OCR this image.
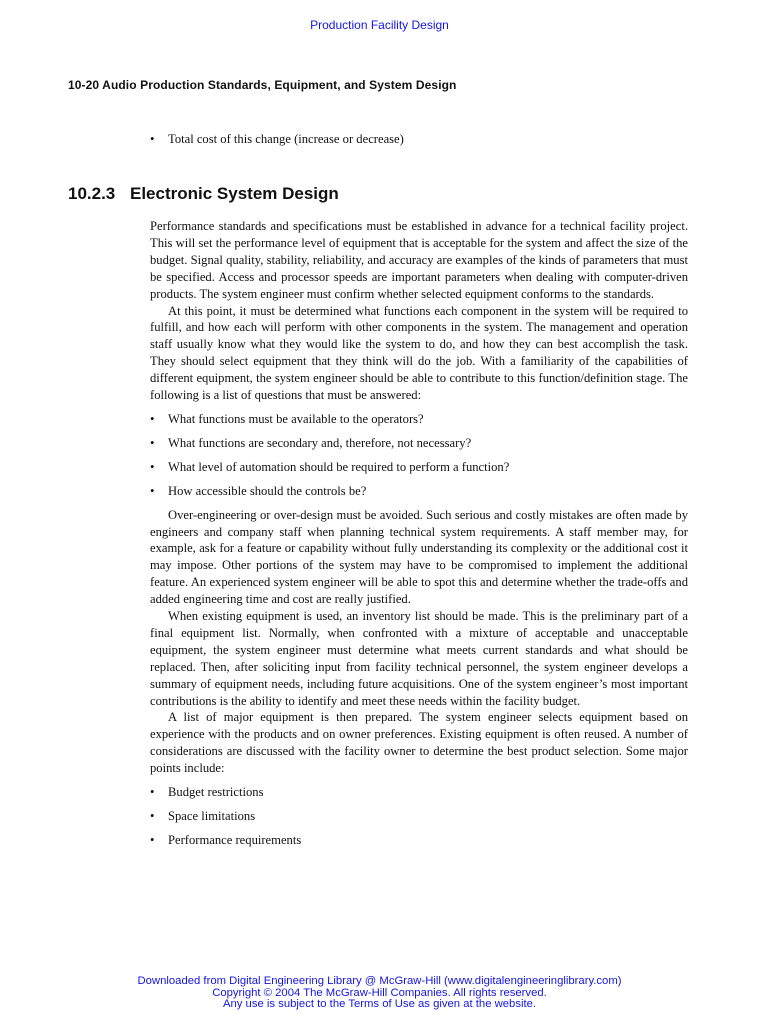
Production Facility Design
10-20 Audio Production Standards, Equipment, and System Design
• Total cost of this change (increase or decrease)
10.2.3 Electronic System Design

Performance standards and specifications must be established in advance for a technical facility project. This will set the performance level of equipment that is acceptable for the system and affect the size of the budget. Signal quality, stability, reliability, and accuracy are examples of the kinds of parameters that must be specified. Access and processor speeds are important parameters when dealing with computer-driven products. The system engineer must confirm whether selected equipment conforms to the standards.

At this point, it must be determined what functions each component in the system will be required to fulfill, and how each will perform with other components in the system. The management and operation staff usually know what they would like the system to do, and how they can best accomplish the task. They should select equipment that they think will do the job. With a familiarity of the capabilities of different equipment, the system engineer should be able to contribute to this function/definition stage. The following is a list of questions that must be answered:

• What functions must be available to the operators?
• What functions are secondary and, therefore, not necessary?
• What level of automation should be required to perform a function?
• How accessible should the controls be?

Over-engineering or over-design must be avoided. Such serious and costly mistakes are often made by engineers and company staff when planning technical system requirements. A staff member may, for example, ask for a feature or capability without fully understanding its complexity or the additional cost it may impose. Other portions of the system may have to be compromised to implement the additional feature. An experienced system engineer will be able to spot this and determine whether the trade-offs and added engineering time and cost are really justified.

When existing equipment is used, an inventory list should be made. This is the preliminary part of a final equipment list. Normally, when confronted with a mixture of acceptable and unacceptable equipment, the system engineer must determine what meets current standards and what should be replaced. Then, after soliciting input from facility technical personnel, the system engineer develops a summary of equipment needs, including future acquisitions. One of the system engineer’s most important contributions is the ability to identify and meet these needs within the facility budget.

A list of major equipment is then prepared. The system engineer selects equipment based on experience with the products and on owner preferences. Existing equipment is often reused. A number of considerations are discussed with the facility owner to determine the best product selection. Some major points include:

• Budget restrictions
• Space limitations
• Performance requirements
Downloaded from Digital Engineering Library @ McGraw-Hill (www.digitalengineeringlibrary.com)
Copyright © 2004 The McGraw-Hill Companies. All rights reserved.
Any use is subject to the Terms of Use as given at the website.
